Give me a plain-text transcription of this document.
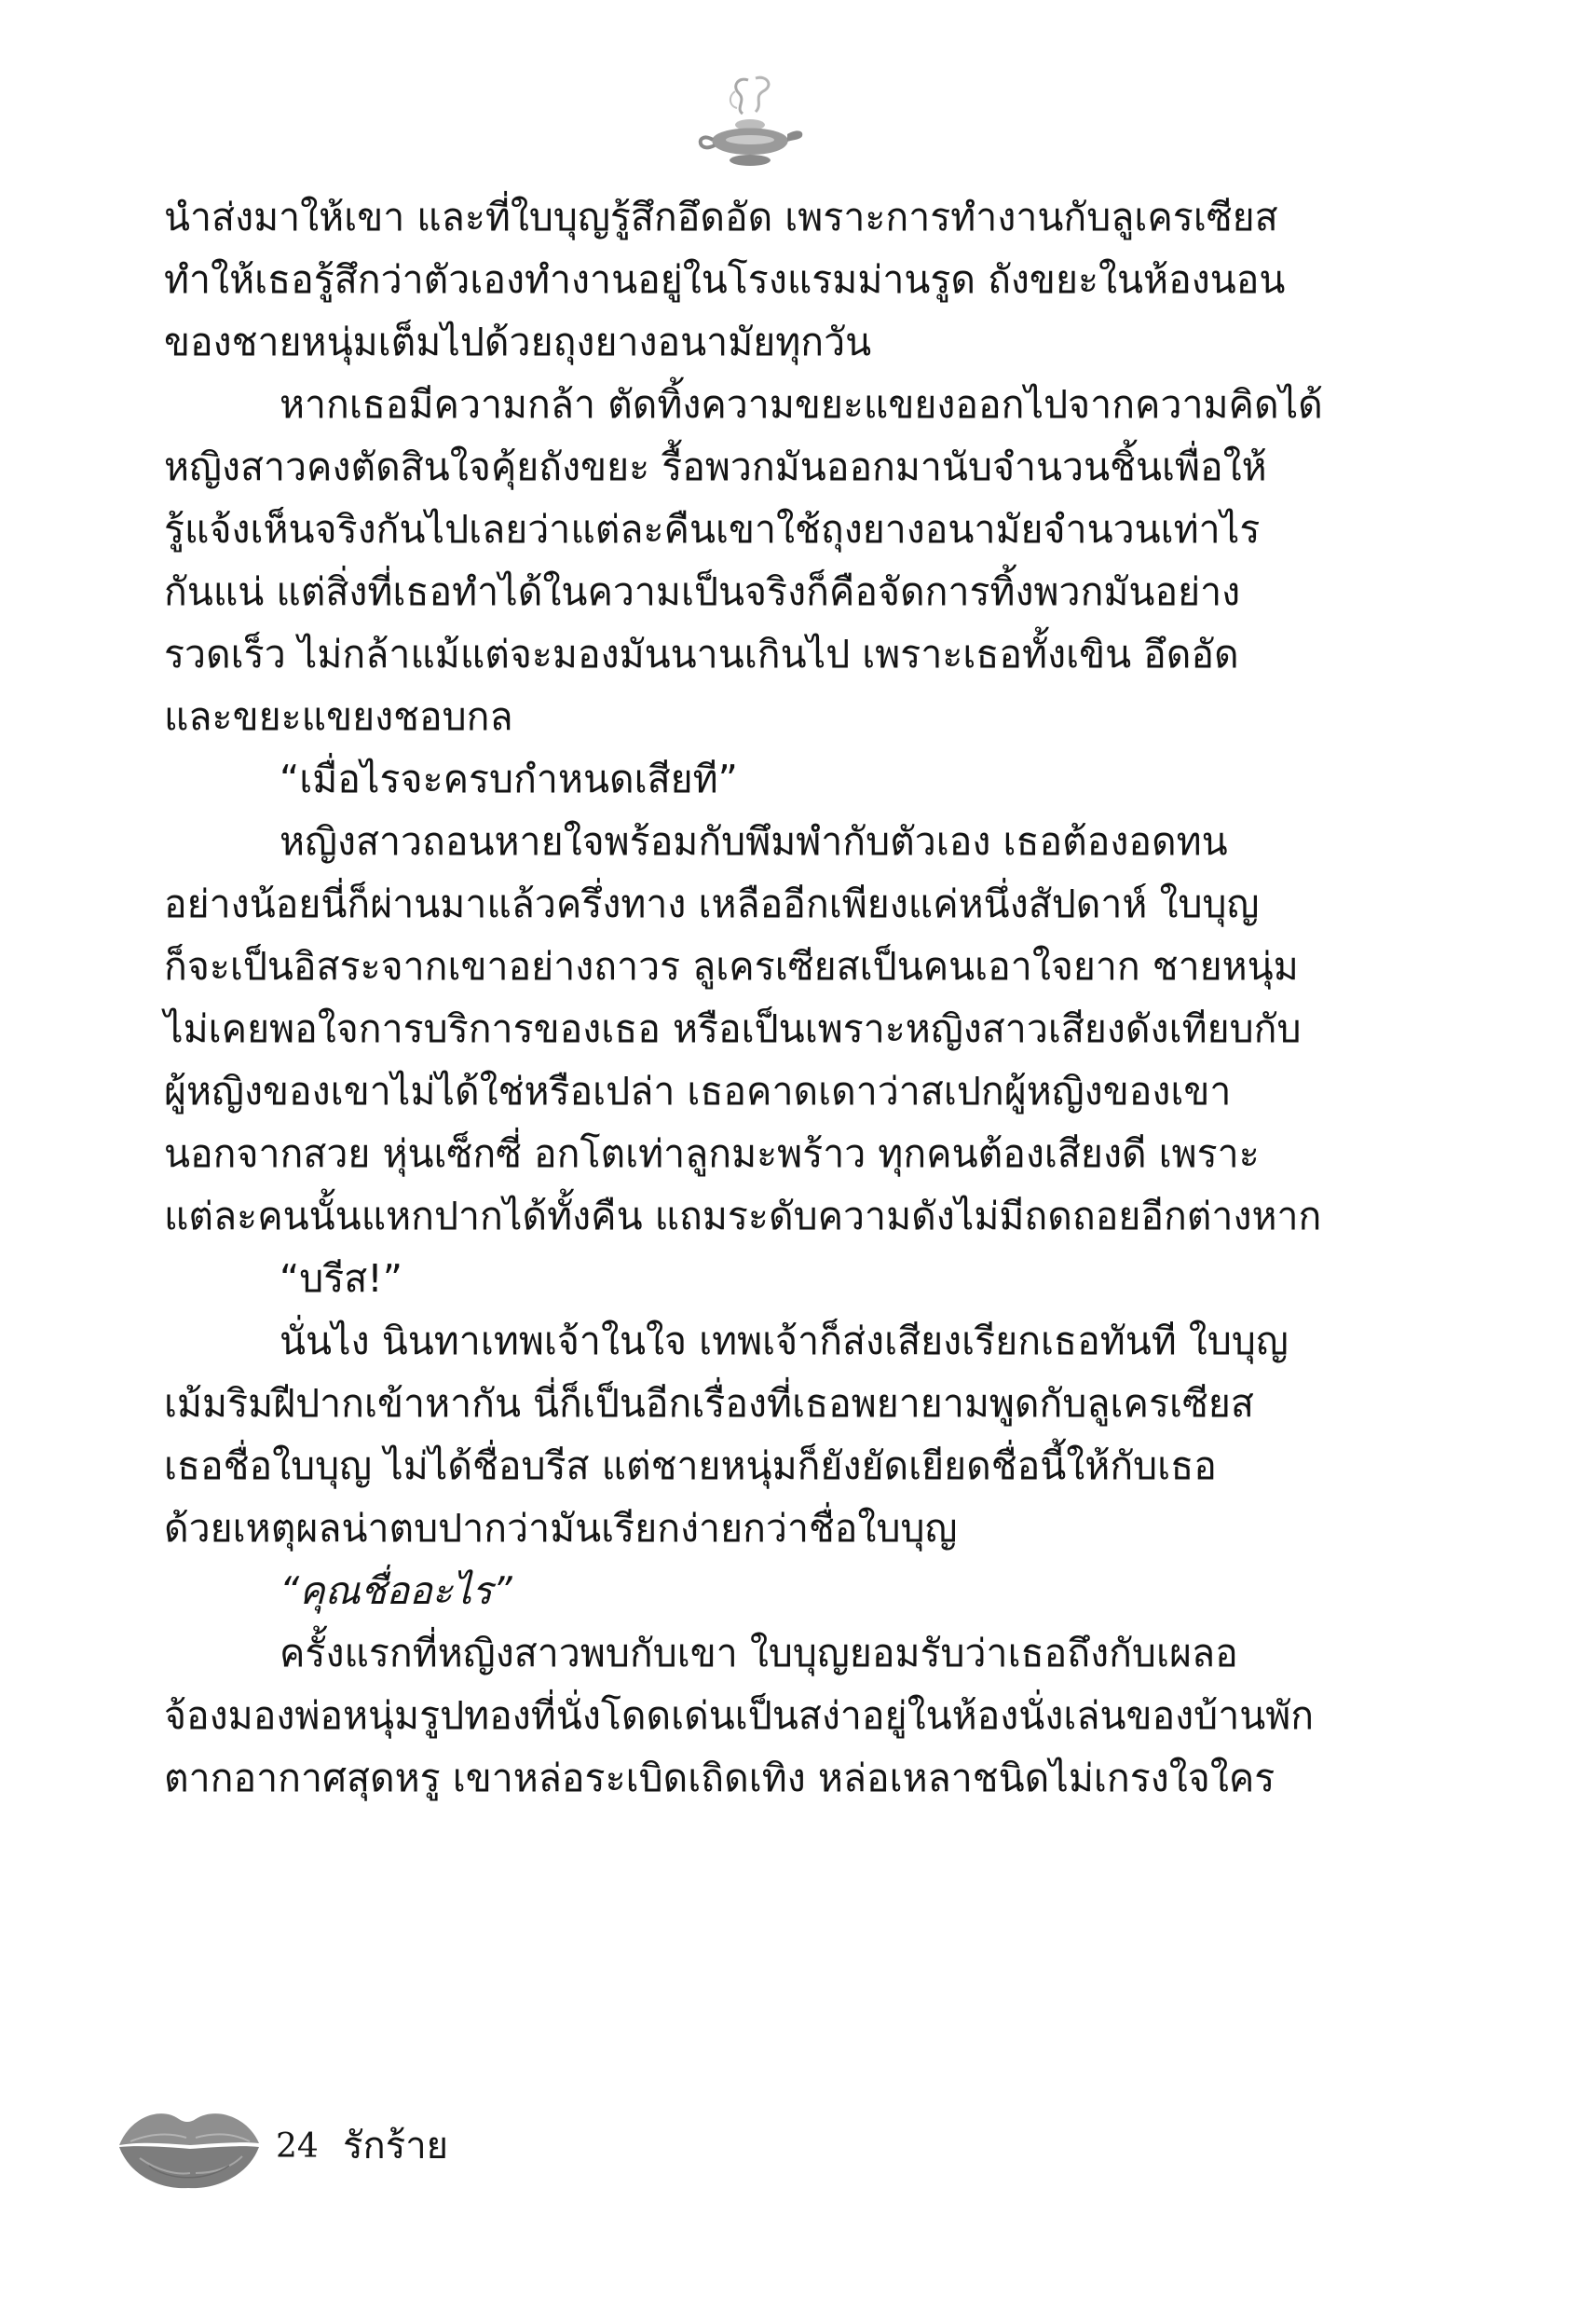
นำส่งมาให้เขา และที่ใบบุญรู้สึกอึดอัด เพราะการทำงานกับลูเครเซียส
ทำให้เธอรู้สึกว่าตัวเองทำงานอยู่ในโรงแรมม่านรูด ถังขยะในห้องนอน
ของชายหนุ่มเต็มไปด้วยถุงยางอนามัยทุกวัน
หากเธอมีความกล้า ตัดทิ้งความขยะแขยงออกไปจากความคิดได้
หญิงสาวคงตัดสินใจคุ้ยถังขยะ รื้อพวกมันออกมานับจำนวนชิ้นเพื่อให้
รู้แจ้งเห็นจริงกันไปเลยว่าแต่ละคืนเขาใช้ถุงยางอนามัยจำนวนเท่าไร
กันแน่ แต่สิ่งที่เธอทำได้ในความเป็นจริงก็คือจัดการทิ้งพวกมันอย่าง
รวดเร็ว ไม่กล้าแม้แต่จะมองมันนานเกินไป เพราะเธอทั้งเขิน อึดอัด
และขยะแขยงชอบกล
“เมื่อไรจะครบกำหนดเสียที”
หญิงสาวถอนหายใจพร้อมกับพึมพำกับตัวเอง เธอต้องอดทน
อย่างน้อยนี่ก็ผ่านมาแล้วครึ่งทาง เหลืออีกเพียงแค่หนึ่งสัปดาห์ ใบบุญ
ก็จะเป็นอิสระจากเขาอย่างถาวร ลูเครเซียสเป็นคนเอาใจยาก ชายหนุ่ม
ไม่เคยพอใจการบริการของเธอ หรือเป็นเพราะหญิงสาวเสียงดังเทียบกับ
ผู้หญิงของเขาไม่ได้ใช่หรือเปล่า เธอคาดเดาว่าสเปกผู้หญิงของเขา
นอกจากสวย หุ่นเซ็กซี่ อกโตเท่าลูกมะพร้าว ทุกคนต้องเสียงดี เพราะ
แต่ละคนนั้นแหกปากได้ทั้งคืน แถมระดับความดังไม่มีถดถอยอีกต่างหาก
“บรีส!”
นั่นไง นินทาเทพเจ้าในใจ เทพเจ้าก็ส่งเสียงเรียกเธอทันที ใบบุญ
เม้มริมฝีปากเข้าหากัน นี่ก็เป็นอีกเรื่องที่เธอพยายามพูดกับลูเครเซียส
เธอชื่อใบบุญ ไม่ได้ชื่อบรีส แต่ชายหนุ่มก็ยังยัดเยียดชื่อนี้ให้กับเธอ
ด้วยเหตุผลน่าตบปากว่ามันเรียกง่ายกว่าชื่อใบบุญ
“คุณชื่ออะไร”
ครั้งแรกที่หญิงสาวพบกับเขา ใบบุญยอมรับว่าเธอถึงกับเผลอ
จ้องมองพ่อหนุ่มรูปทองที่นั่งโดดเด่นเป็นสง่าอยู่ในห้องนั่งเล่นของบ้านพัก
ตากอากาศสุดหรู เขาหล่อระเบิดเถิดเทิง หล่อเหลาชนิดไม่เกรงใจใคร
24 รักร้าย
